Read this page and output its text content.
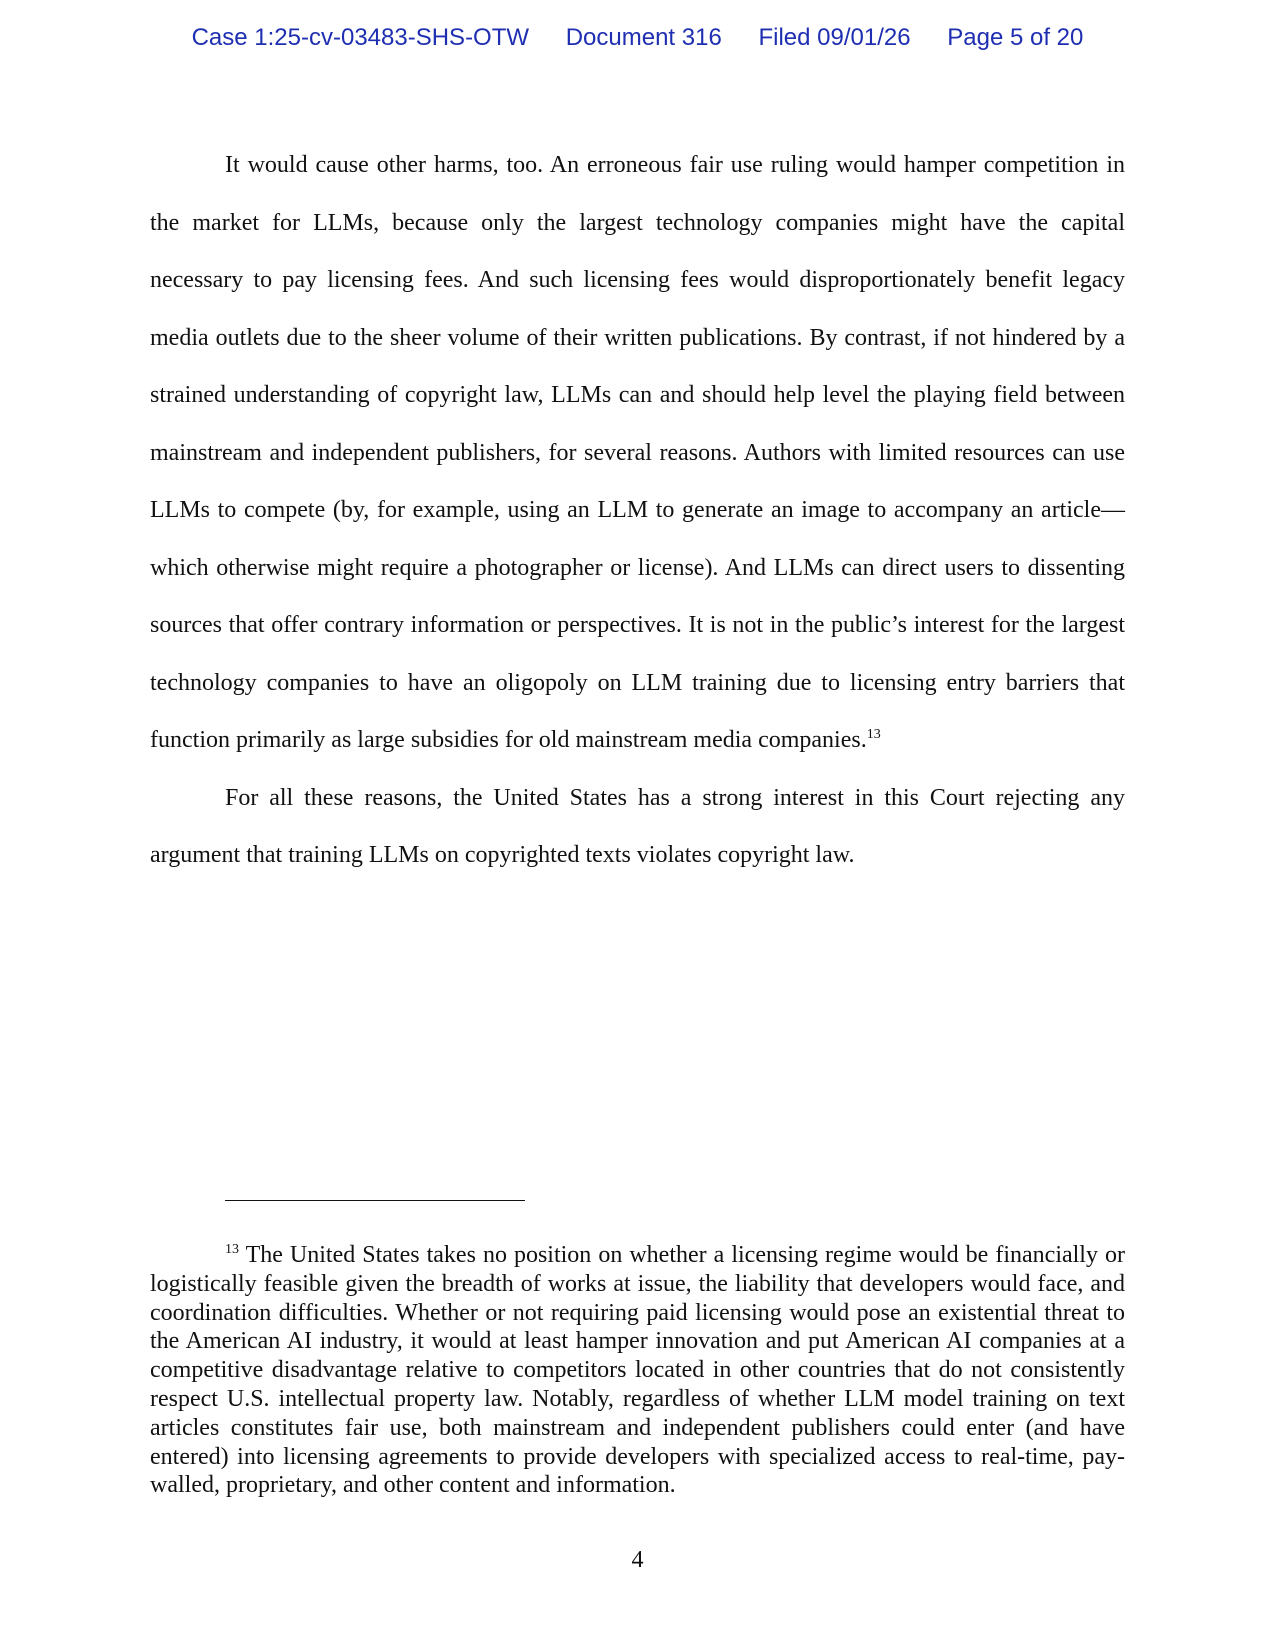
Case 1:25-cv-03483-SHS-OTW Document 316 Filed 09/01/26 Page 5 of 20

It would cause other harms, too. An erroneous fair use ruling would hamper competition in the market for LLMs, because only the largest technology companies might have the capital necessary to pay licensing fees. And such licensing fees would disproportionately benefit legacy media outlets due to the sheer volume of their written publications. By contrast, if not hindered by a strained understanding of copyright law, LLMs can and should help level the playing field between mainstream and independent publishers, for several reasons. Authors with limited resources can use LLMs to compete (by, for example, using an LLM to generate an image to accompany an article—which otherwise might require a photographer or license). And LLMs can direct users to dissenting sources that offer contrary information or perspectives. It is not in the public’s interest for the largest technology companies to have an oligopoly on LLM training due to licensing entry barriers that function primarily as large subsidies for old mainstream media companies.$^{13}$

For all these reasons, the United States has a strong interest in this Court rejecting any argument that training LLMs on copyrighted texts violates copyright law.

$^{13}$ The United States takes no position on whether a licensing regime would be financially or logistically feasible given the breadth of works at issue, the liability that developers would face, and coordination difficulties. Whether or not requiring paid licensing would pose an existential threat to the American AI industry, it would at least hamper innovation and put American AI companies at a competitive disadvantage relative to competitors located in other countries that do not consistently respect U.S. intellectual property law. Notably, regardless of whether LLM model training on text articles constitutes fair use, both mainstream and independent publishers could enter (and have entered) into licensing agreements to provide developers with specialized access to real-time, pay-walled, proprietary, and other content and information.

4
